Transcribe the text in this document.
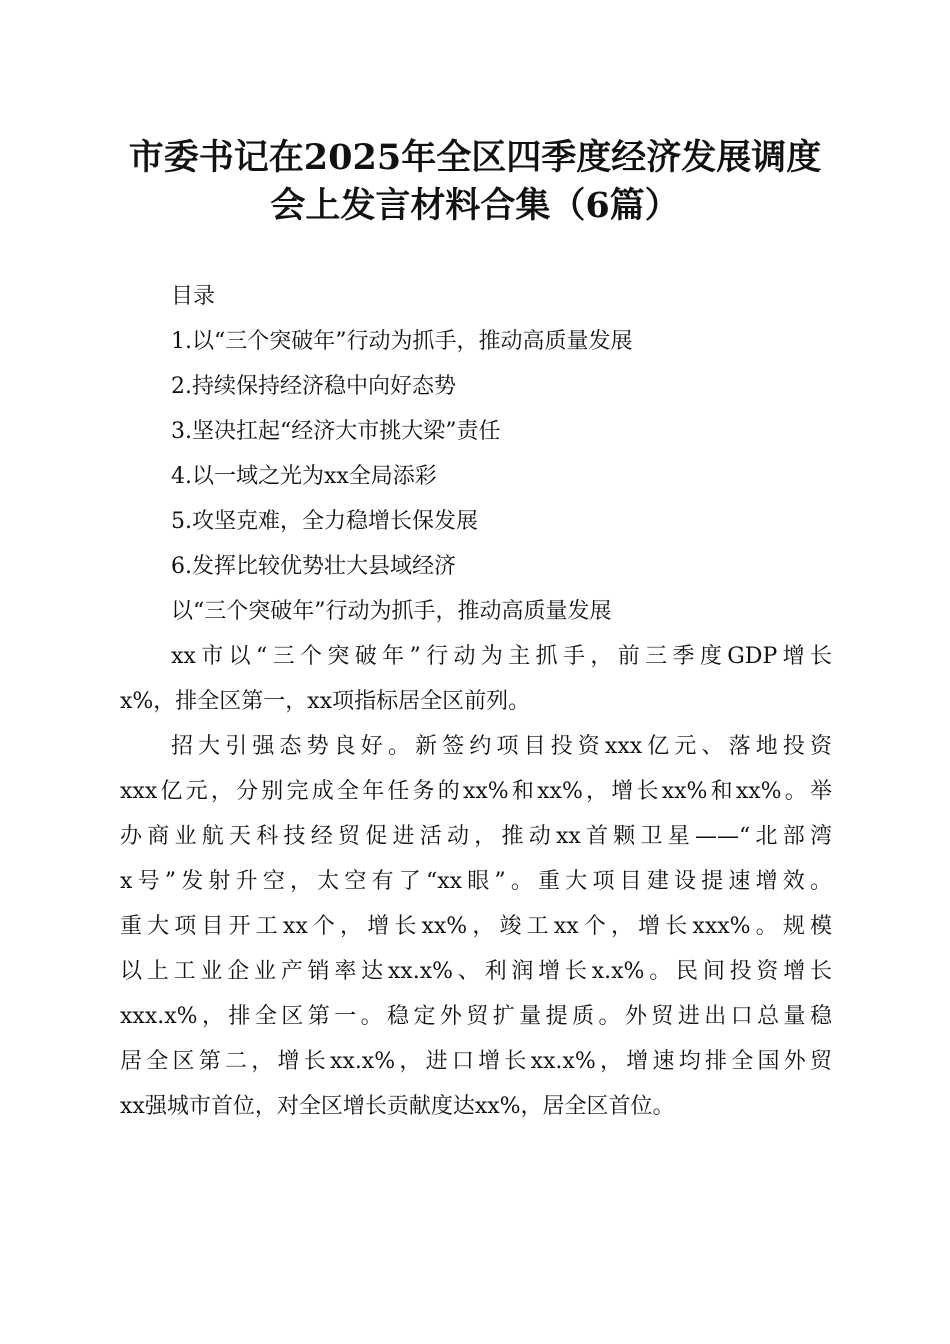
市委书记在2025年全区四季度经济发展调度
会上发言材料合集（6篇）
目录
1.以“三个突破年”行动为抓手，推动高质量发展
2.持续保持经济稳中向好态势
3.坚决扛起“经济大市挑大梁”责任
4.以一域之光为xx全局添彩
5.攻坚克难，全力稳增长保发展
6.发挥比较优势壮大县域经济
以“三个突破年”行动为抓手，推动高质量发展
xx市以“三个突破年”行动为主抓手，前三季度GDP增长
x%，排全区第一，xx项指标居全区前列。
招大引强态势良好。新签约项目投资xxx亿元、落地投资
xxx亿元，分别完成全年任务的xx%和xx%，增长xx%和xx%。举
办商业航天科技经贸促进活动，推动xx首颗卫星——“北部湾
x号”发射升空，太空有了“xx眼”。重大项目建设提速增效。
重大项目开工xx个，增长xx%，竣工xx个，增长xxx%。规模
以上工业企业产销率达xx.x%、利润增长x.x%。民间投资增长
xxx.x%，排全区第一。稳定外贸扩量提质。外贸进出口总量稳
居全区第二，增长xx.x%，进口增长xx.x%，增速均排全国外贸
xx强城市首位，对全区增长贡献度达xx%，居全区首位。
